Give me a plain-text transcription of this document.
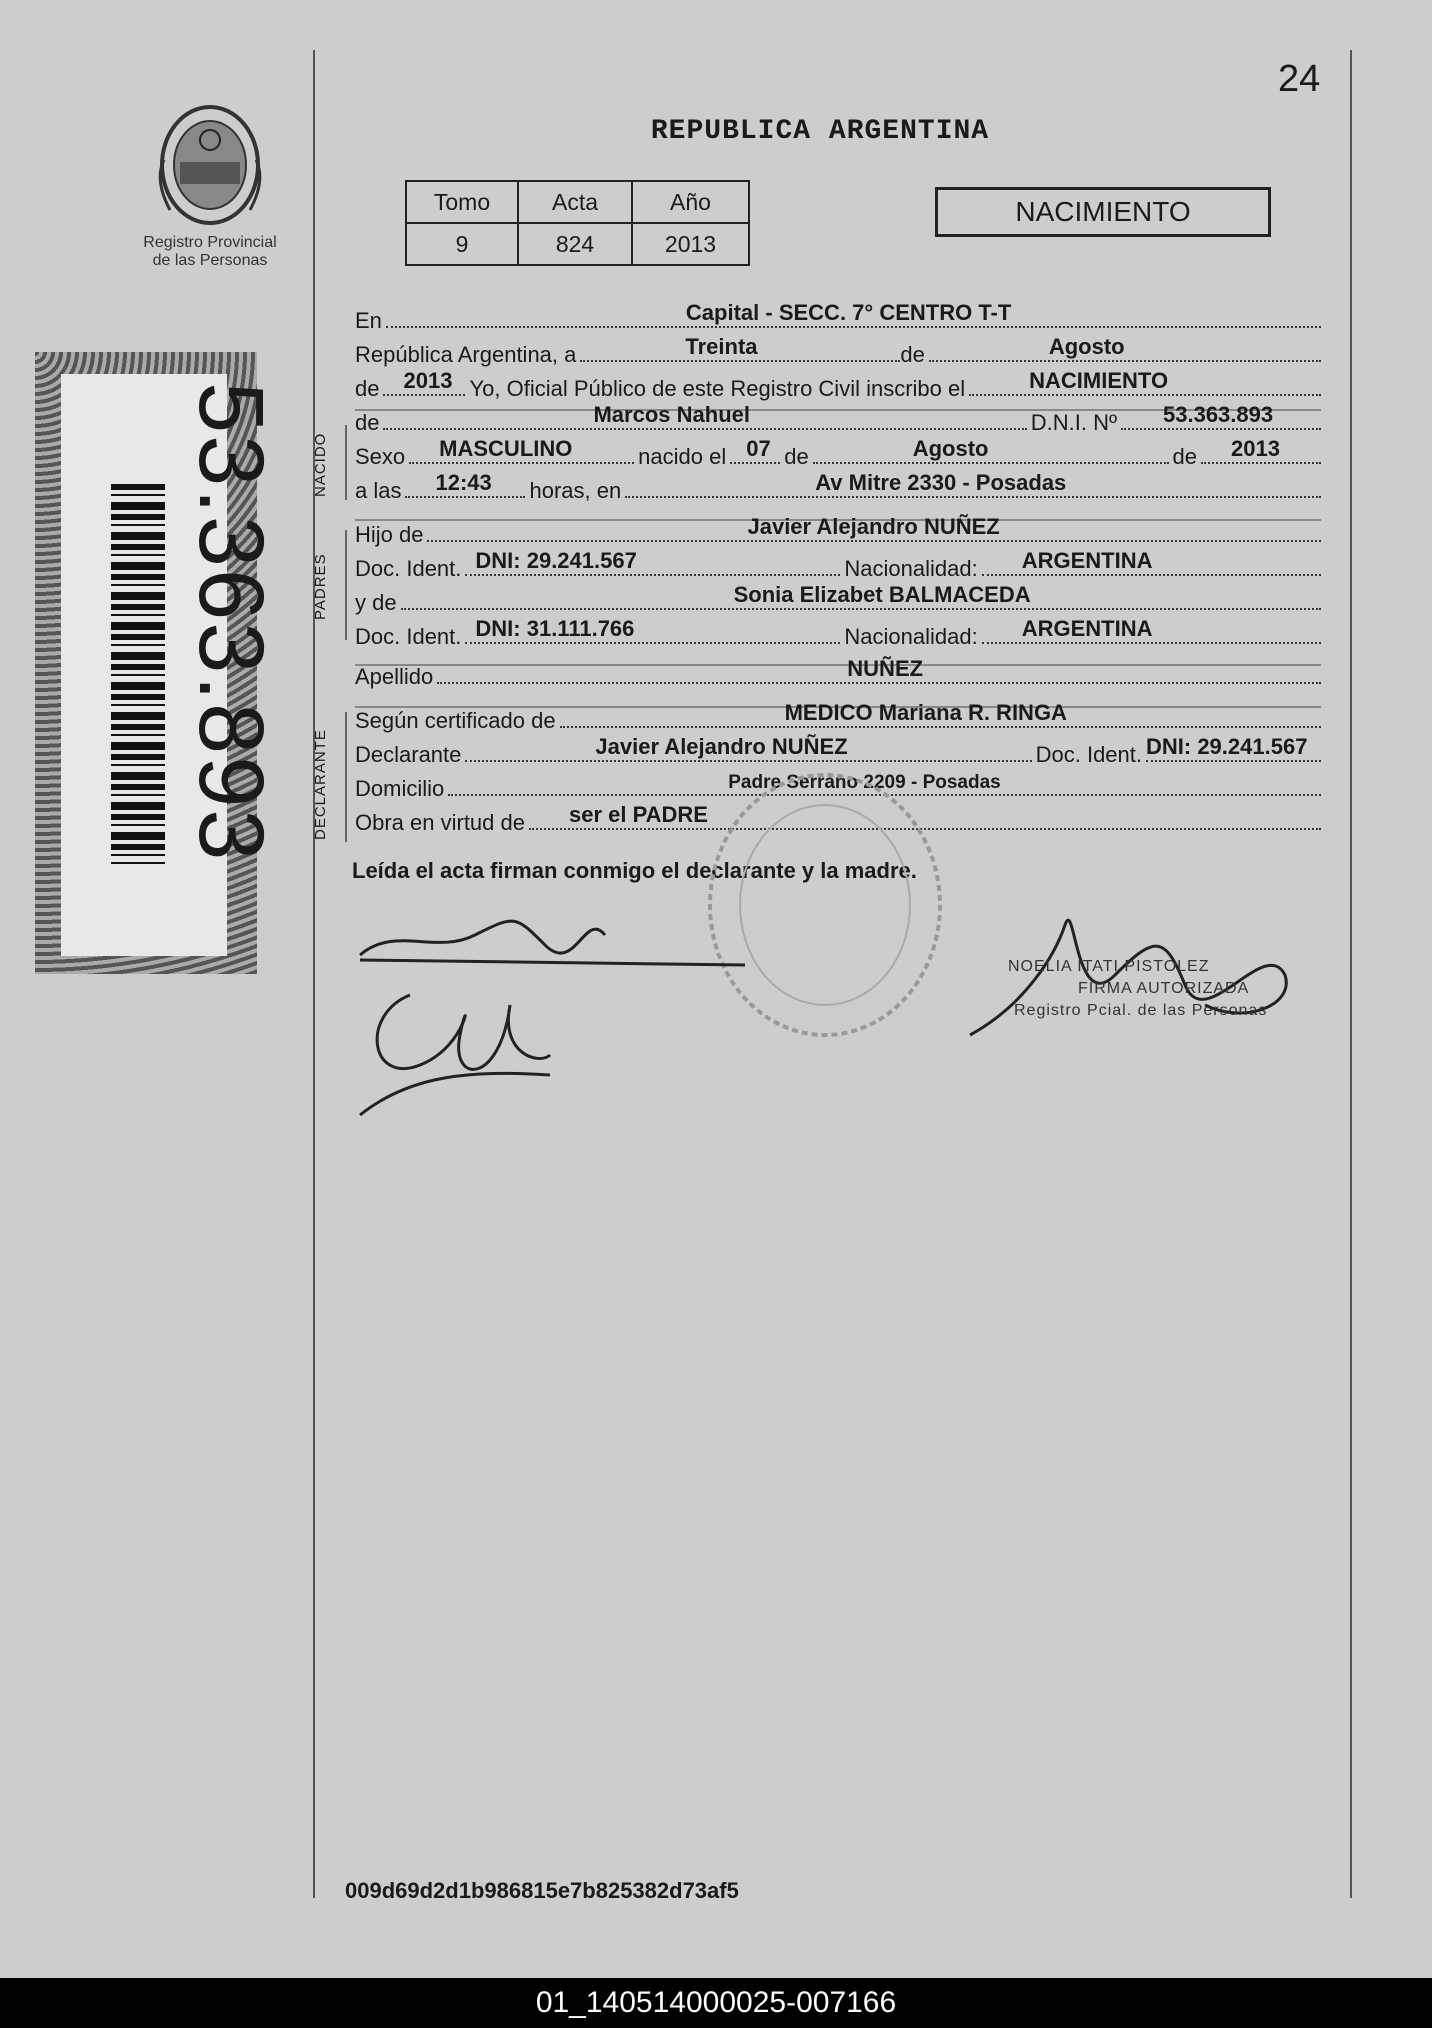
24
Registro Provincial
de las Personas
REPUBLICA ARGENTINA
Tomo	Acta	Año
9	824	2013
NACIMIENTO
53.363.893	NACIDO
PADRES
DECLARANTE
En	Capital - SECC. 7° CENTRO T-T
República Argentina, a	Treinta	de	Agosto
de 2013 Yo, Oficial Público de este Registro Civil inscribo el	NACIMIENTO
de	Marcos Nahuel	D.N.I. Nº 53.363.893
Sexo MASCULINO	nacido el 07 de	Agosto	de 2013
a las 12:43 horas, en	Av Mitre 2330 - Posadas
Hijo de	Javier Alejandro NUÑEZ
Doc. Ident. DNI: 29.241.567	Nacionalidad: ARGENTINA
y de	Sonia Elizabet BALMACEDA
Doc. Ident. DNI: 31.111.766	Nacionalidad: ARGENTINA
Apellido	NUÑEZ
Según certificado de	MEDICO Mariana R. RINGA
Declarante	Javier Alejandro NUÑEZ	Doc. Ident. DNI: 29.241.567
Domicilio	Padre Serrano 2209 - Posadas
Obra en virtud de ser el PADRE
Leída el acta firman conmigo el declarante y la madre.
NOELIA ITATI PISTOLEZ
FIRMA AUTORIZADA
Registro Pcial. de las Personas
009d69d2d1b986815e7b825382d73af5
01_140514000025-007166
